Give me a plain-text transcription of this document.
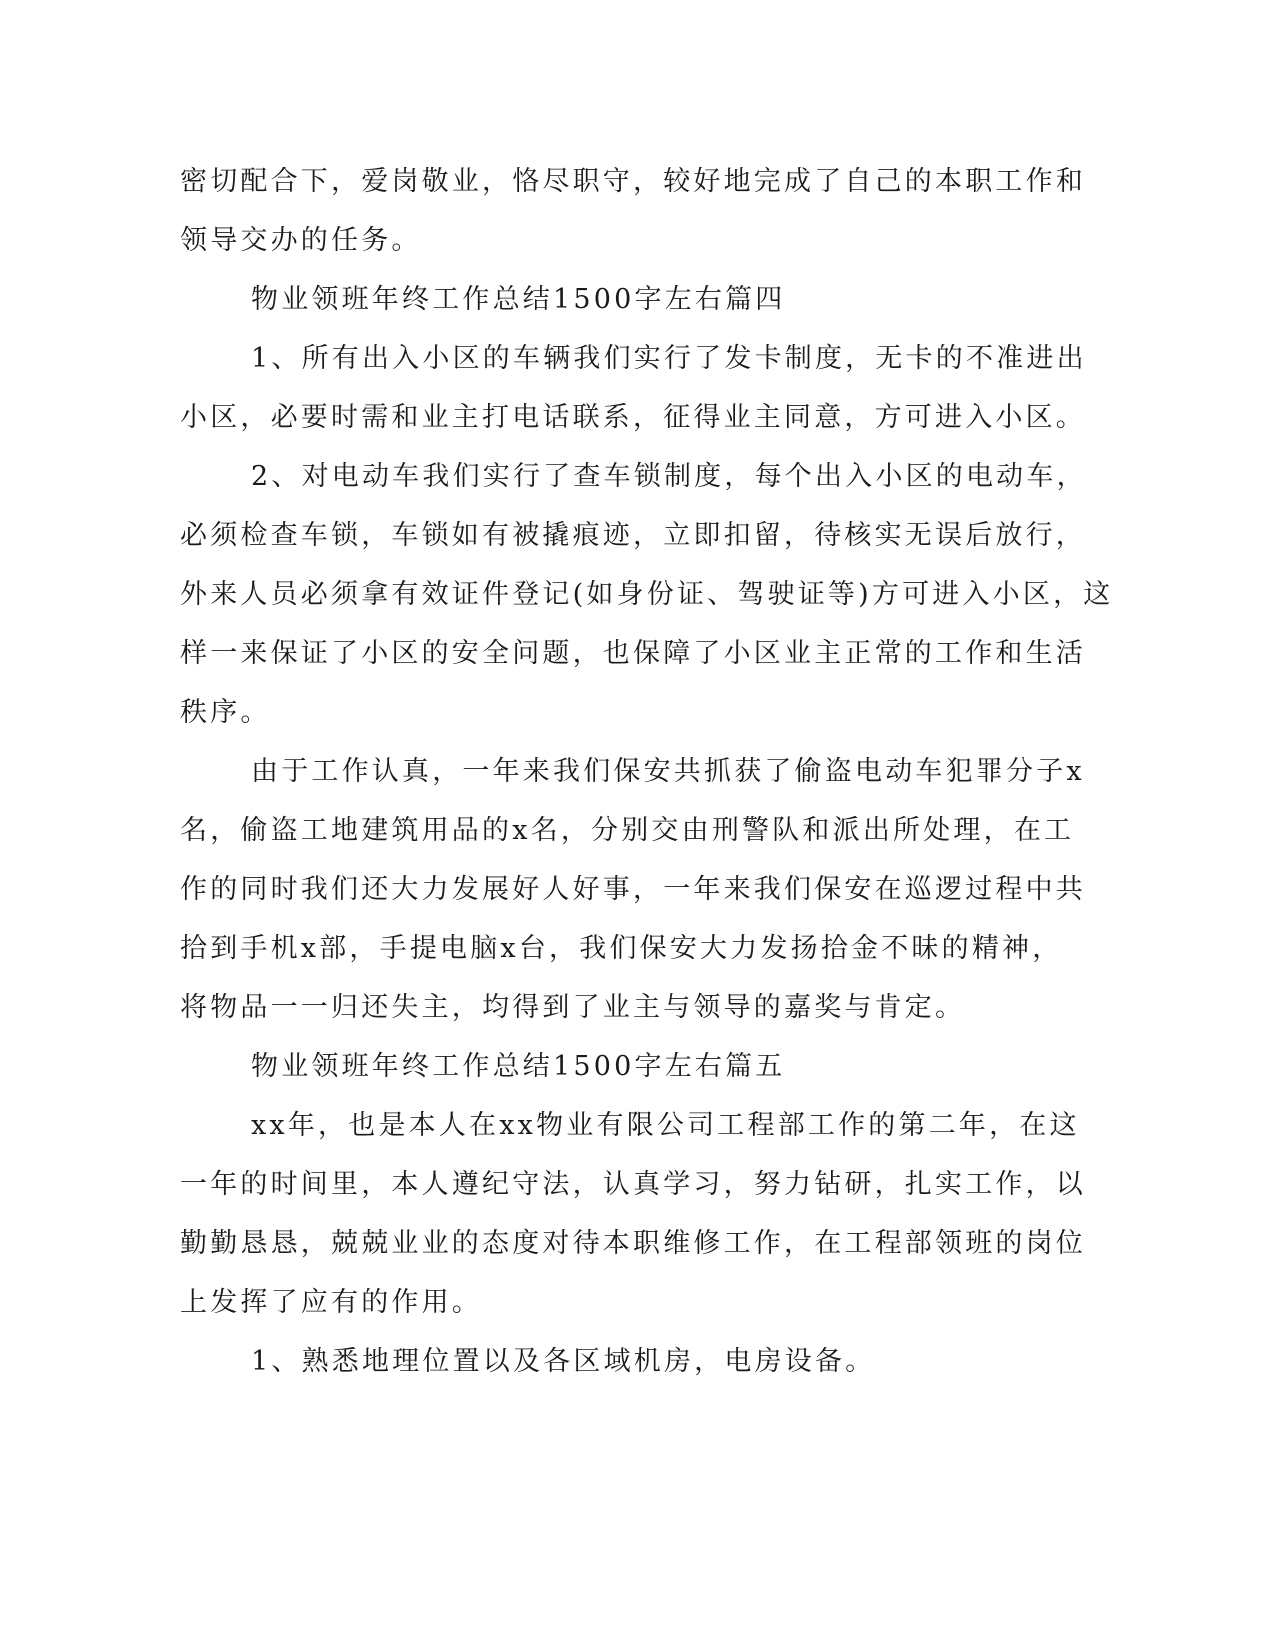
密切配合下，爱岗敬业，恪尽职守，较好地完成了自己的本职工作和
领导交办的任务。
物业领班年终工作总结1500字左右篇四
1、所有出入小区的车辆我们实行了发卡制度，无卡的不准进出
小区，必要时需和业主打电话联系，征得业主同意，方可进入小区。
2、对电动车我们实行了查车锁制度，每个出入小区的电动车，
必须检查车锁，车锁如有被撬痕迹，立即扣留，待核实无误后放行，
外来人员必须拿有效证件登记(如身份证、驾驶证等)方可进入小区，这
样一来保证了小区的安全问题，也保障了小区业主正常的工作和生活
秩序。
由于工作认真，一年来我们保安共抓获了偷盗电动车犯罪分子x
名，偷盗工地建筑用品的x名，分别交由刑警队和派出所处理，在工
作的同时我们还大力发展好人好事，一年来我们保安在巡逻过程中共
拾到手机x部，手提电脑x台，我们保安大力发扬拾金不昧的精神，
将物品一一归还失主，均得到了业主与领导的嘉奖与肯定。
物业领班年终工作总结1500字左右篇五
xx年，也是本人在xx物业有限公司工程部工作的第二年，在这
一年的时间里，本人遵纪守法，认真学习，努力钻研，扎实工作，以
勤勤恳恳，兢兢业业的态度对待本职维修工作，在工程部领班的岗位
上发挥了应有的作用。
1、熟悉地理位置以及各区域机房，电房设备。
